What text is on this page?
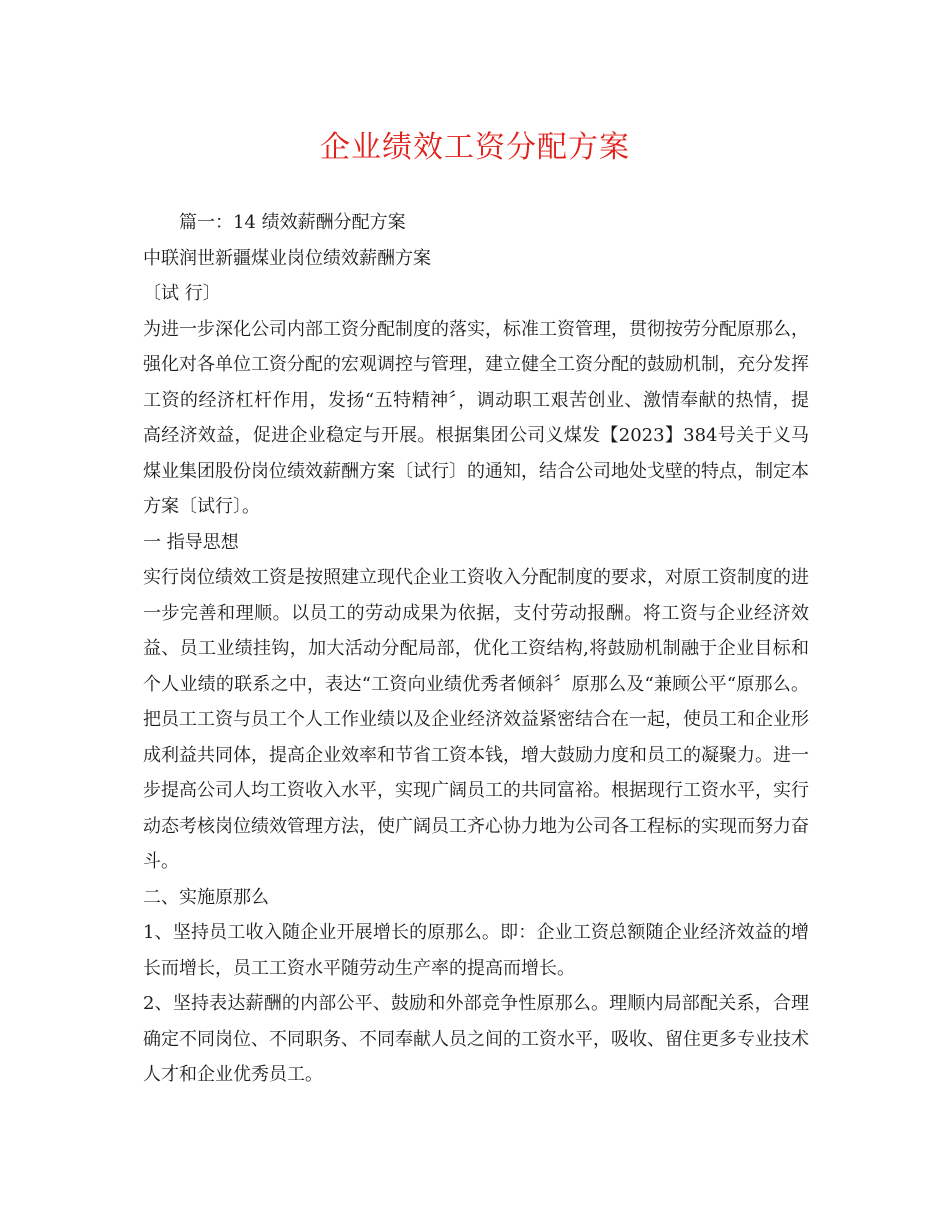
企业绩效工资分配方案

篇一：14 绩效薪酬分配方案

中联润世新疆煤业岗位绩效薪酬方案

〔试 行〕

为进一步深化公司内部工资分配制度的落实，标准工资管理，贯彻按劳分配原那么，强化对各单位工资分配的宏观调控与管理，建立健全工资分配的鼓励机制，充分发挥工资的经济杠杆作用，发扬“五特精神〞，调动职工艰苦创业、激情奉献的热情，提高经济效益，促进企业稳定与开展。根据集团公司义煤发【2023】384号关于义马煤业集团股份岗位绩效薪酬方案〔试行〕的通知，结合公司地处戈壁的特点，制定本方案〔试行〕。

一 指导思想

实行岗位绩效工资是按照建立现代企业工资收入分配制度的要求，对原工资制度的进一步完善和理顺。以员工的劳动成果为依据，支付劳动报酬。将工资与企业经济效益、员工业绩挂钩，加大活动分配局部，优化工资结构,将鼓励机制融于企业目标和个人业绩的联系之中，表达“工资向业绩优秀者倾斜〞原那么及“兼顾公平“原那么。把员工工资与员工个人工作业绩以及企业经济效益紧密结合在一起，使员工和企业形成利益共同体，提高企业效率和节省工资本钱，增大鼓励力度和员工的凝聚力。进一步提高公司人均工资收入水平，实现广阔员工的共同富裕。根据现行工资水平，实行动态考核岗位绩效管理方法，使广阔员工齐心协力地为公司各工程标的实现而努力奋斗。

二、实施原那么

1、坚持员工收入随企业开展增长的原那么。即：企业工资总额随企业经济效益的增长而增长，员工工资水平随劳动生产率的提高而增长。

2、坚持表达薪酬的内部公平、鼓励和外部竞争性原那么。理顺内局部配关系，合理确定不同岗位、不同职务、不同奉献人员之间的工资水平，吸收、留住更多专业技术人才和企业优秀员工。
